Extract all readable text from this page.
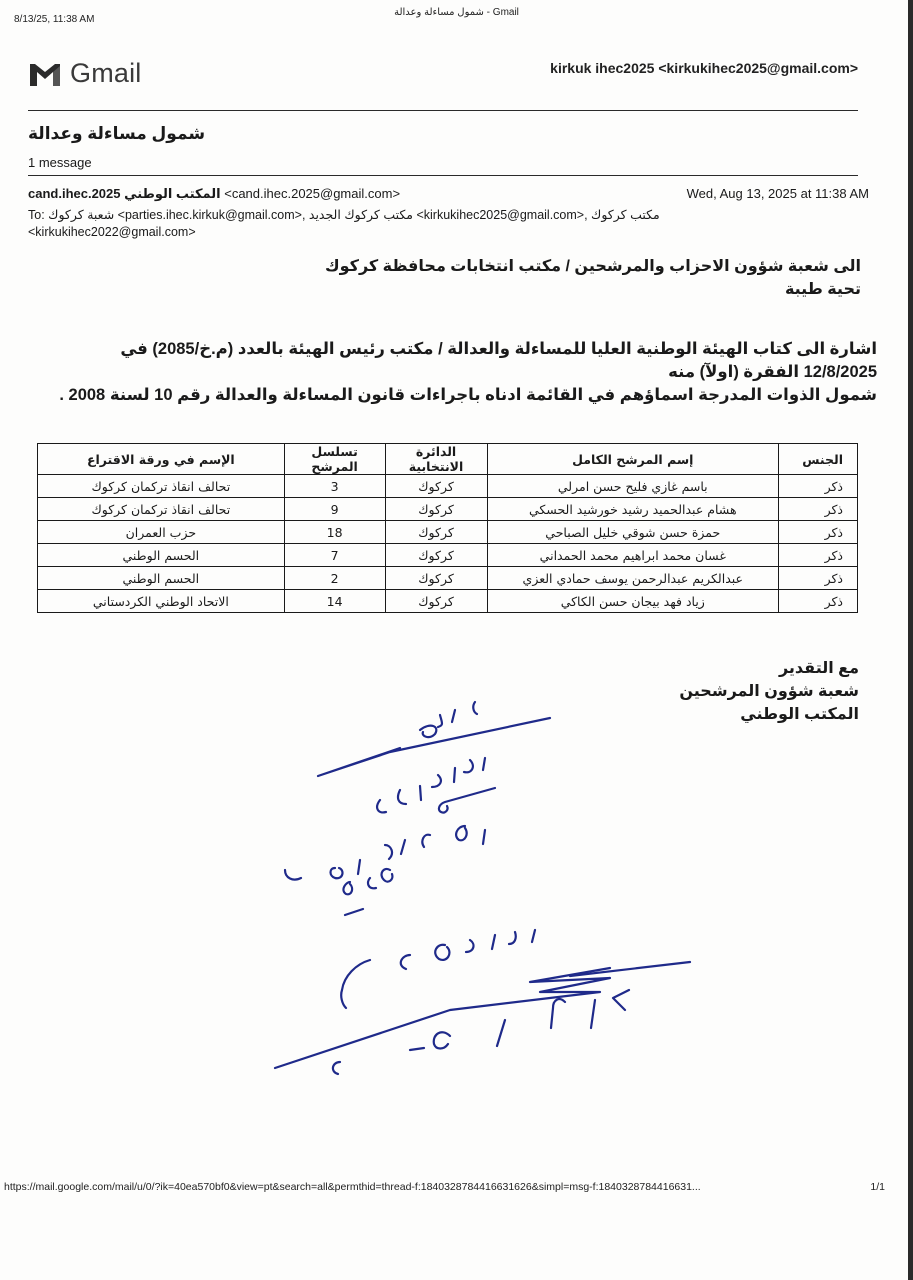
8/13/25, 11:38 AM
شمول مساءلة وعدالة - Gmail
Gmail	kirkuk ihec2025 <kirkukihec2025@gmail.com>
شمول مساءلة وعدالة
1 message
cand.ihec.2025 المكتب الوطني <cand.ihec.2025@gmail.com>	Wed, Aug 13, 2025 at 11:38 AM
To: شعبة كركوك <parties.ihec.kirkuk@gmail.com>, مكتب كركوك الجديد <kirkukihec2025@gmail.com>, مكتب كركوك
<kirkukihec2022@gmail.com>
الى شعبة شؤون الاحزاب والمرشحين / مكتب انتخابات محافظة كركوك
تحية طيبة
اشارة الى كتاب الهيئة الوطنية العليا للمساءلة والعدالة / مكتب رئيس الهيئة بالعدد (م.خ/2085) في 12/8/2025 الفقرة (اولآ) منه
شمول الذوات المدرجة اسماؤهم في القائمة ادناه باجراءات قانون المساءلة والعدالة رقم 10 لسنة 2008 .
الجنس	إسم المرشح الكامل	الدائرة الانتخابية	تسلسل المرشح	الإسم في ورقة الاقتراع
ذكر	باسم غازي فليح حسن امرلي	كركوك	3	تحالف انقاذ تركمان كركوك
ذكر	هشام عبدالحميد رشيد خورشيد الحسكي	كركوك	9	تحالف انقاذ تركمان كركوك
ذكر	حمزة حسن شوقي خليل الصباحي	كركوك	18	حزب العمران
ذكر	غسان محمد ابراهيم محمد الحمداني	كركوك	7	الحسم الوطني
ذكر	عبدالكريم عبدالرحمن يوسف حمادي العزي	كركوك	2	الحسم الوطني
ذكر	زياد فهد بيجان حسن الكاكي	كركوك	14	الاتحاد الوطني الكردستاني
مع التقدير
شعبة شؤون المرشحين
المكتب الوطني
https://mail.google.com/mail/u/0/?ik=40ea570bf0&view=pt&search=all&permthid=thread-f:1840328784416631626&simpl=msg-f:1840328784416631...	1/1
